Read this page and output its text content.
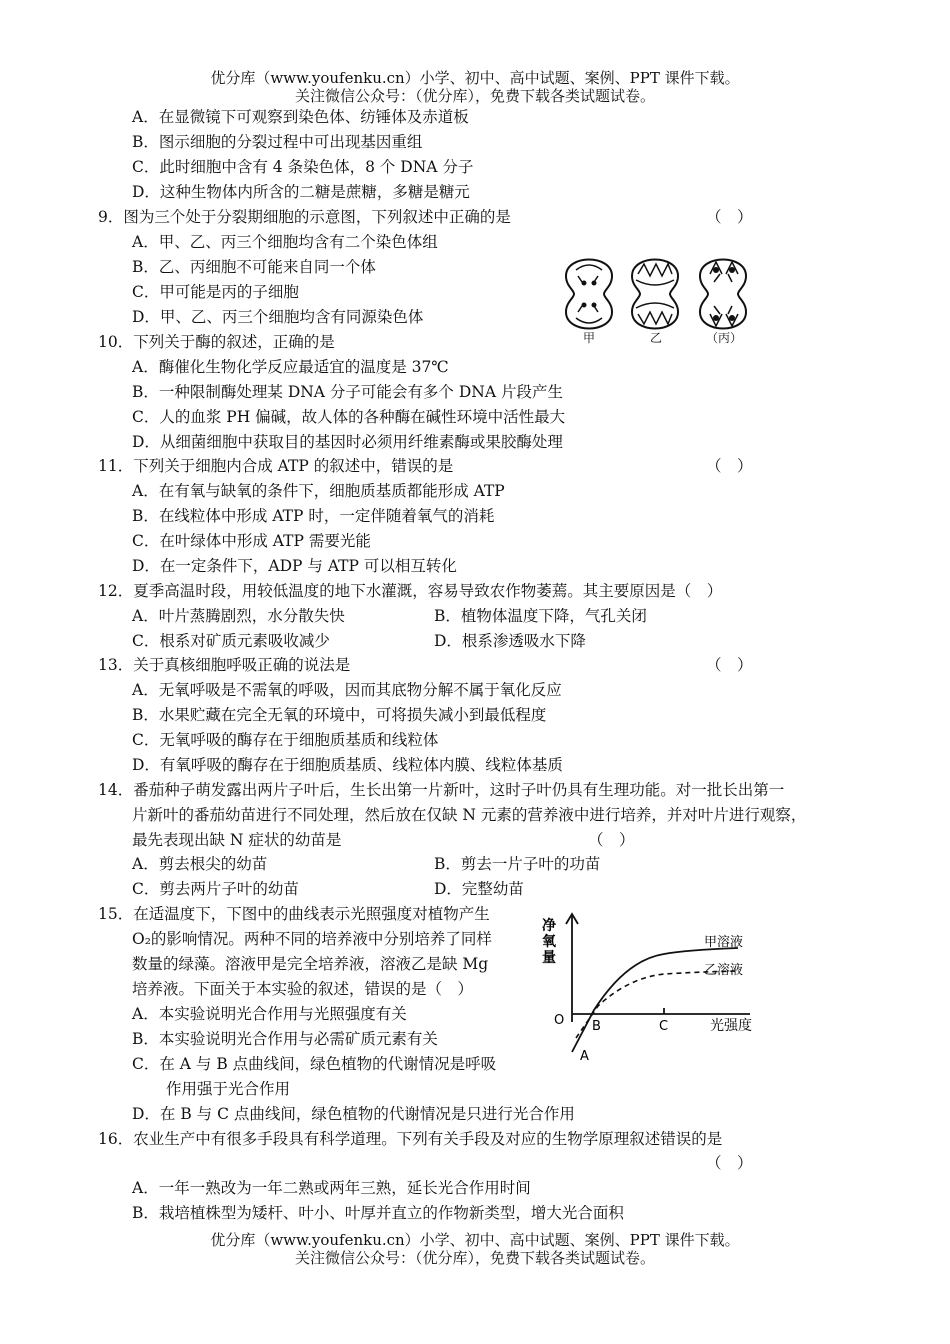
优分库（www.youfenku.cn）小学、初中、高中试题、案例、PPT 课件下载。
关注微信公众号：（优分库），免费下载各类试题试卷。
A．在显微镜下可观察到染色体、纺锤体及赤道板
B．图示细胞的分裂过程中可出现基因重组
C．此时细胞中含有 4 条染色体，8 个 DNA 分子
D．这种生物体内所含的二糖是蔗糖，多糖是糖元
9．图为三个处于分裂期细胞的示意图，下列叙述中正确的是	（　）
A．甲、乙、丙三个细胞均含有二个染色体组
B．乙、丙细胞不可能来自同一个体
C．甲可能是丙的子细胞
D．甲、乙、丙三个细胞均含有同源染色体
甲	乙	（丙）
10．下列关于酶的叙述，正确的是
A．酶催化生物化学反应最适宜的温度是 37℃
B．一种限制酶处理某 DNA 分子可能会有多个 DNA 片段产生
C．人的血浆 PH 偏碱，故人体的各种酶在碱性环境中活性最大
D．从细菌细胞中获取目的基因时必须用纤维素酶或果胶酶处理
11．下列关于细胞内合成 ATP 的叙述中，错误的是	（　）
A．在有氧与缺氧的条件下，细胞质基质都能形成 ATP
B．在线粒体中形成 ATP 时，一定伴随着氧气的消耗
C．在叶绿体中形成 ATP 需要光能
D．在一定条件下，ADP 与 ATP 可以相互转化
12．夏季高温时段，用较低温度的地下水灌溉，容易导致农作物萎蔫。其主要原因是（　）
A．叶片蒸腾剧烈，水分散失快	B．植物体温度下降，气孔关闭
C．根系对矿质元素吸收减少	D．根系渗透吸水下降
13．关于真核细胞呼吸正确的说法是	（　）
A．无氧呼吸是不需氧的呼吸，因而其底物分解不属于氧化反应
B．水果贮藏在完全无氧的环境中，可将损失减小到最低程度
C．无氧呼吸的酶存在于细胞质基质和线粒体
D．有氧呼吸的酶存在于细胞质基质、线粒体内膜、线粒体基质
14．番茄种子萌发露出两片子叶后，生长出第一片新叶，这时子叶仍具有生理功能。对一批长出第一
片新叶的番茄幼苗进行不同处理，然后放在仅缺 N 元素的营养液中进行培养，并对叶片进行观察，
最先表现出缺 N 症状的幼苗是	（　）
A．剪去根尖的幼苗	B．剪去一片子叶的功苗
C．剪去两片子叶的幼苗	D．完整幼苗
15．在适温度下，下图中的曲线表示光照强度对植物产生
O₂的影响情况。两种不同的培养液中分别培养了同样
数量的绿藻。溶液甲是完全培养液，溶液乙是缺 Mg
培养液。下面关于本实验的叙述，错误的是（　）
A．本实验说明光合作用与光照强度有关
B．本实验说明光合作用与必需矿质元素有关
C．在 A 与 B 点曲线间，绿色植物的代谢情况是呼吸
作用强于光合作用
D．在 B 与 C 点曲线间，绿色植物的代谢情况是只进行光合作用
净
氧
量
O B	C
A
光强度
甲溶液
乙溶液
16．农业生产中有很多手段具有科学道理。下列有关手段及对应的生物学原理叙述错误的是
（　）
A．一年一熟改为一年二熟或两年三熟，延长光合作用时间
B．栽培植株型为矮杆、叶小、叶厚并直立的作物新类型，增大光合面积
优分库（www.youfenku.cn）小学、初中、高中试题、案例、PPT 课件下载。
关注微信公众号：（优分库），免费下载各类试题试卷。
